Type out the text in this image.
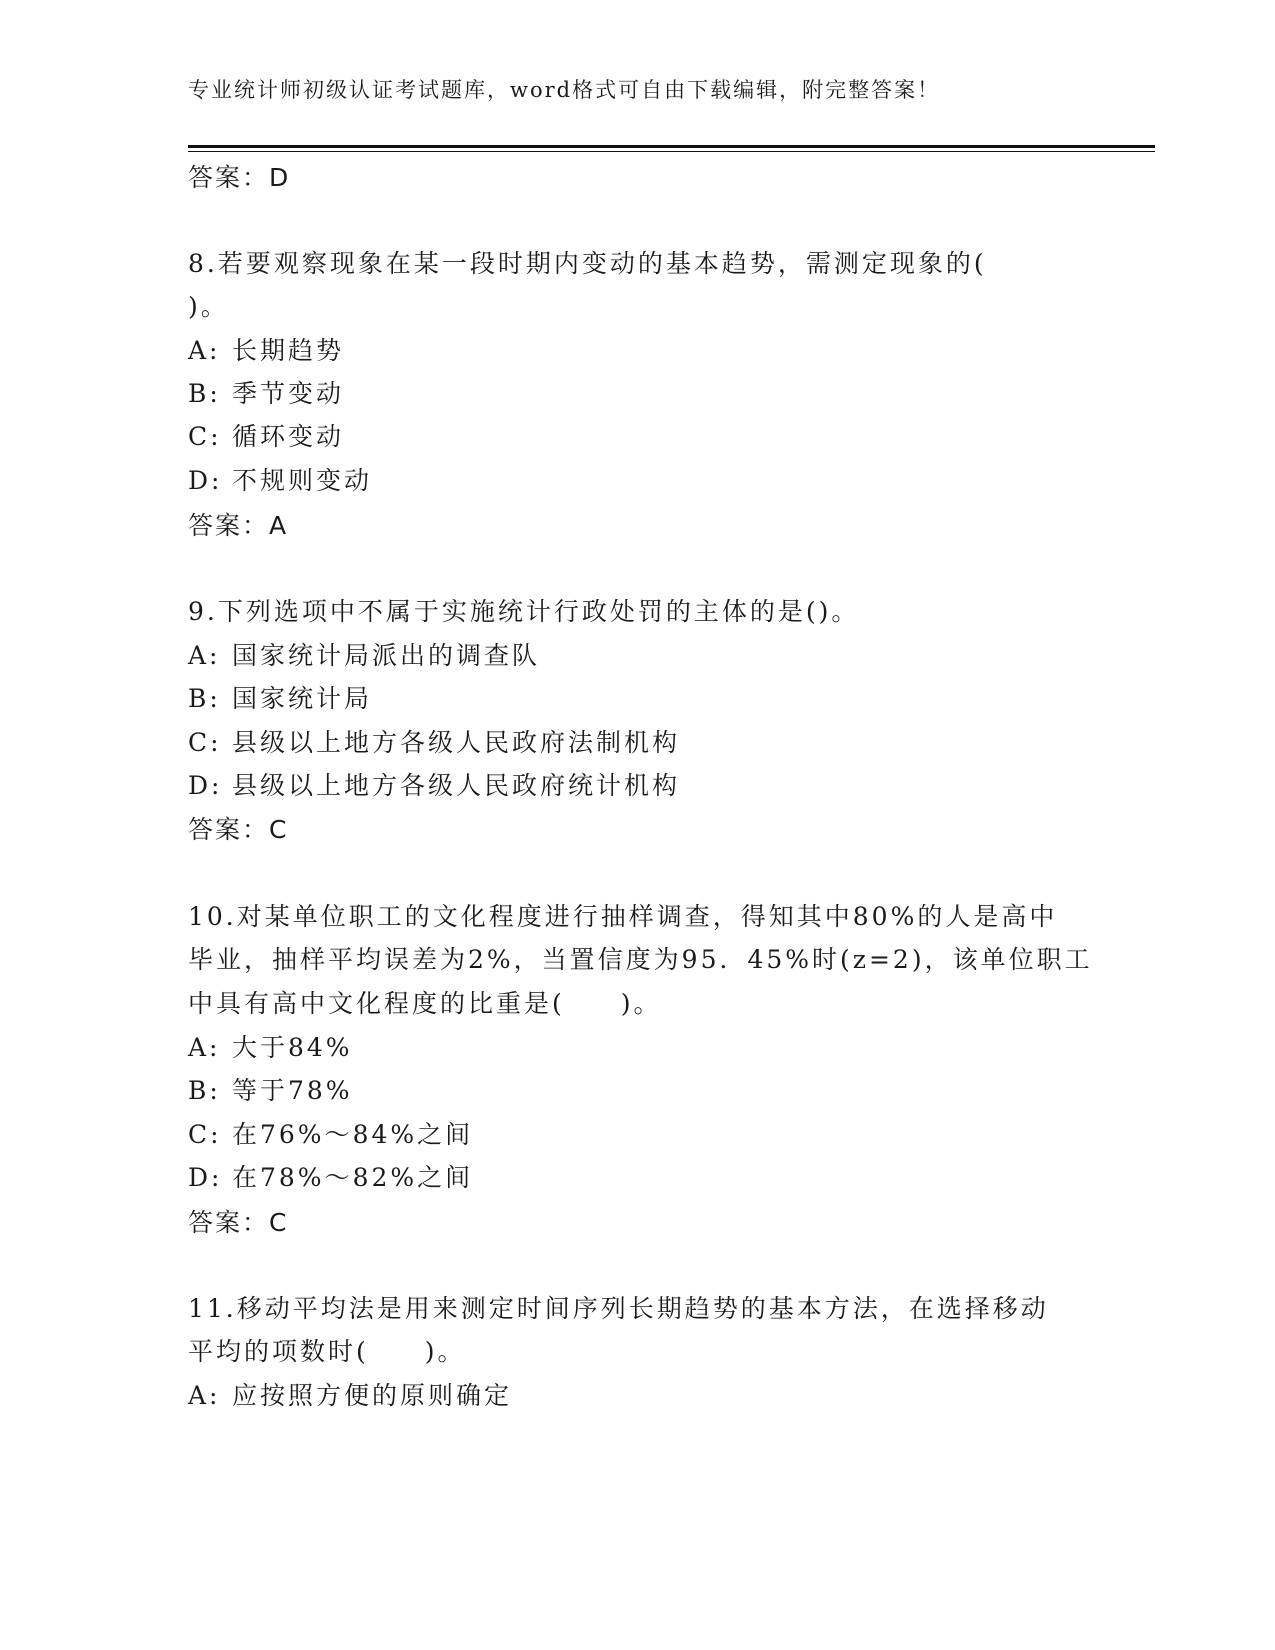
专业统计师初级认证考试题库，word格式可自由下载编辑，附完整答案！
答案：D
8.若要观察现象在某一段时期内变动的基本趋势，需测定现象的(
)。
A: 长期趋势
B: 季节变动
C: 循环变动
D: 不规则变动
答案：A
9.下列选项中不属于实施统计行政处罚的主体的是()。
A: 国家统计局派出的调查队
B: 国家统计局
C: 县级以上地方各级人民政府法制机构
D: 县级以上地方各级人民政府统计机构
答案：C
10.对某单位职工的文化程度进行抽样调查，得知其中80%的人是高中
毕业，抽样平均误差为2%，当置信度为95．45%时(z=2)，该单位职工
中具有高中文化程度的比重是(　　)。
A: 大于84%
B: 等于78%
C: 在76%～84%之间
D: 在78%～82%之间
答案：C
11.移动平均法是用来测定时间序列长期趋势的基本方法，在选择移动
平均的项数时(　　)。
A: 应按照方便的原则确定
